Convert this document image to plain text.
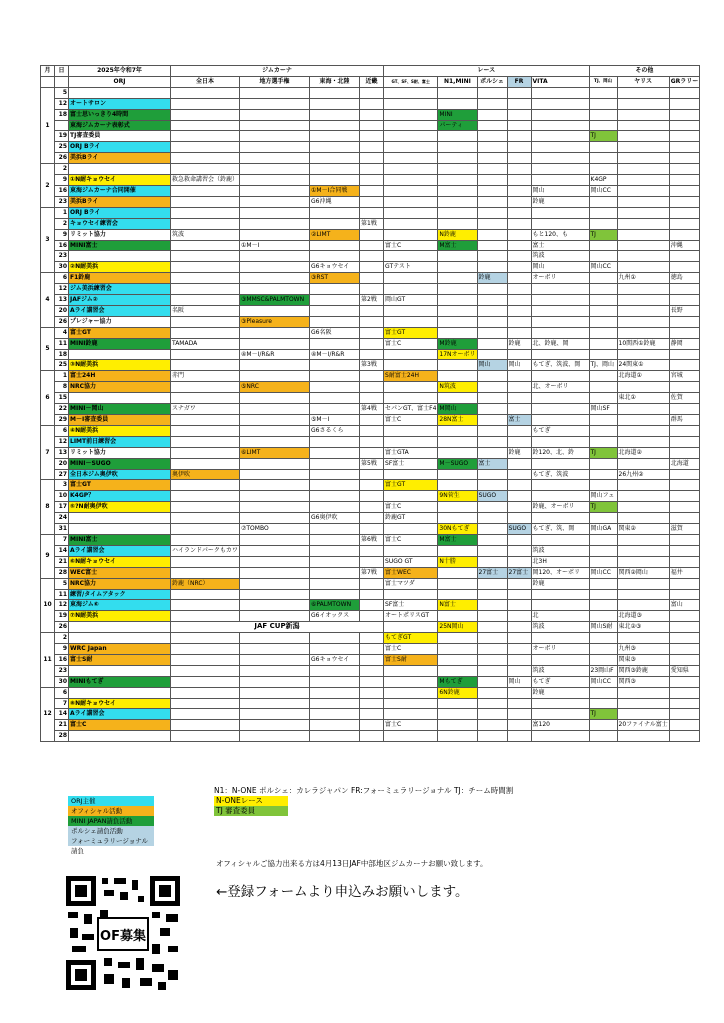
月	日	2025年令和7年	ジムカーナ				レース					その他		
		ORJ	全日本	地方選手権	東海・北陸	近畿	GT、SF、S耐、富士	N1,MINI	ポルシェ	FR	VITA	TJ、岡山	ヤリス	GRラリー
1	5													
	12	オートサロン												
	18	富士思いっきり4時間						MINI						
		東海ジムカーナ表彰式						パーティ						
	19	TJ審査委員										TJ		
	25	ORJ Bライ												
	26	美浜Bライ												
2	2													
	9	①N耐キョウセイ	救急救命講習会（鈴鹿）									K4GP		
	16	東海ジムカーナ合同開催			①M－I合同戦						岡山	岡山CC		
	23	美浜Bライ			G6沖縄						鈴鹿			
3	1	ORJ Bライ												
	2	キョウセイ練習会				第1戦								
	9	リミット協力	筑波		②LIMT			N鈴鹿			もと120、も	TJ		
	16	MINI富士		①M－I			富士C	M富士			富士			沖縄
	23										筑波			
	30	②N耐美浜			G6キョウセイ		GTテスト				岡山	岡山CC		
4	6	F1鈴鹿			③RST				鈴鹿		オーボリ		九州①	徳島
	12	ジム美浜練習会												
	13	JAFジム②		③MMSC&PALMTOWN		第2戦	岡山GT							
	20	Aライ講習会	名阪											長野
	26	プレジャー協力		③Pleasure										
5	4	富士GT			G6名阪		富士GT							
	11	MINI鈴鹿	TAMADA				富士C	M鈴鹿		鈴鹿	北、鈴鹿、岡		10関西①鈴鹿	静岡
	18			④M－I/R&R	④M－I/R&R			17Nオーボリ						
	25	③N耐美浜				第3戦			岡山	岡山	もてぎ、筑波、岡	TJ、岡山	24関東①	
6	1	富士24H	赤門				S耐富士24H						北海道①	宮城
	8	NRC協力		⑤NRC				N筑波			北、オーボリ			
	15												東北①	佐賀
	22	MINI－岡山	スナガワ			第4戦	セパンGT、富士F4	M岡山				岡山SF		
	29	M－I審査委員			⑤M－I		富士C	28N富士		富士				群馬
7	6	④N耐美浜			G6さるくら						もてぎ			
	12	LIMT前日練習会												
	13	リミット協力		⑥LIMT			富士GTA			鈴鹿	鈴120、北、鈴	TJ	北海道②	
	20	MINI－SUGO				第5戦	SF富士	M－SUGO	富士					北海道
	27	全日本ジム奥伊吹	奥伊吹								もてぎ、筑波		26九州②	
8	3	富士GT					富士GT							
	10	K4GP？						9N菅生	SUGO			岡山フェ		
	17	⑤?N耐奥伊吹					富士C				鈴鹿、オーボリ	TJ		
	24				G6奥伊吹		鈴鹿GT							
	31			⑦TOMBO				30Nもてぎ		SUGO	もてぎ、筑、岡	岡山GA	関東②	滋賀
9	7	MINI富士				第6戦	富士C	M富士						
	14	Aライ講習会	ハイランドパークもカワ								筑波			
	21	⑥N耐キョウセイ					SUGO GT	N十勝			北3H			
	28	WEC富士				第7戦	富士WEC		27富士	27富士	岡120、オーボリ	岡山CC	関西②岡山	福井
10	5	NRC協力	鈴鹿（NRC）				富士マツダ				鈴鹿			
	11	練習/タイムアタック												
	12	東海ジム⑥			⑥PALMTOWN		SF富士	N富士						富山
	19	⑦N耐美浜			G6イオックス		オートポリスGT				北		北海道③	
	26		JAF CUP新潟					25N岡山			筑波	岡山S耐	東北②③	
11	2						もてぎGT							
	9	WRC Japan					富士C				オーボリ		九州③	
	16	富士S耐			G6キョウセイ		富士S耐						関東③	
	23										筑波	23岡山F	関西③鈴鹿	愛知県
	30	MINIもてぎ						Mもてぎ		岡山	もてぎ	岡山CC	関西③	
12	6							6N鈴鹿			鈴鹿			
	7	⑧N耐キョウセイ												
	14	Aライ講習会										TJ		
	21	富士C					富士C				富120		20ファイナル富士	
	28													
ORJ主催
オフィシャル活動
MINI JAPAN請負活動
ポルシェ請負活動
フォーミュラリージョナル請負
N1：N-ONE ポルシェ：カレラジャパン FR:フォーミュラリージョナル TJ：チーム時間割
N-ONEレース
TJ 審査委員
オフィシャルご協力出来る方は4月13日JAF中部地区ジムカーナお願い致します。
←登録フォームより申込みお願いします。
OF募集
